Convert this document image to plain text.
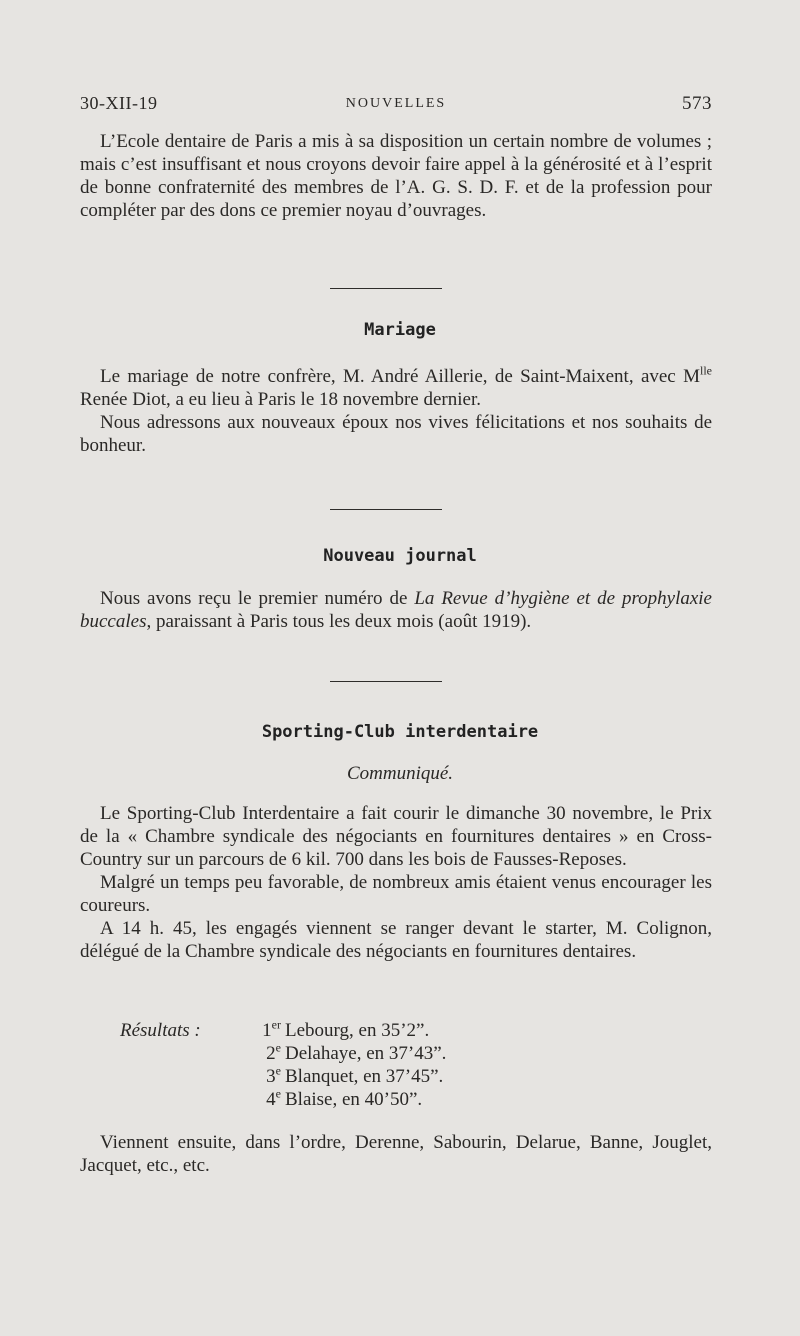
30-XII-19	NOUVELLES	573

L’Ecole dentaire de Paris a mis à sa disposition un certain nombre de volumes ; mais c’est insuffisant et nous croyons devoir faire appel à la générosité et à l’esprit de bonne confraternité des membres de l’A. G. S. D. F. et de la profession pour compléter par des dons ce premier noyau d’ouvrages.

Mariage

Le mariage de notre confrère, M. André Aillerie, de Saint-Maixent, avec $M^{lle}$ Renée Diot, a eu lieu à Paris le 18 novembre dernier.

Nous adressons aux nouveaux époux nos vives félicitations et nos souhaits de bonheur.

Nouveau journal

Nous avons reçu le premier numéro de La Revue d’hygiène et de prophylaxie buccales, paraissant à Paris tous les deux mois (août 1919).

Sporting-Club interdentaire
Communiqué.

Le Sporting-Club Interdentaire a fait courir le dimanche 30 novembre, le Prix de la « Chambre syndicale des négociants en fournitures dentaires » en Cross-Country sur un parcours de 6 kil. 700 dans les bois de Fausses-Reposes.

Malgré un temps peu favorable, de nombreux amis étaient venus encourager les coureurs.

A 14 h. 45, les engagés viennent se ranger devant le starter, M. Colignon, délégué de la Chambre syndicale des négociants en fournitures dentaires.

Résultats :	1er Lebourg, en 35’2”.
2e Delahaye, en 37’43”.
3e Blanquet, en 37’45”.
4e Blaise, en 40’50”.

Viennent ensuite, dans l’ordre, Derenne, Sabourin, Delarue, Banne, Jouglet, Jacquet, etc., etc.
